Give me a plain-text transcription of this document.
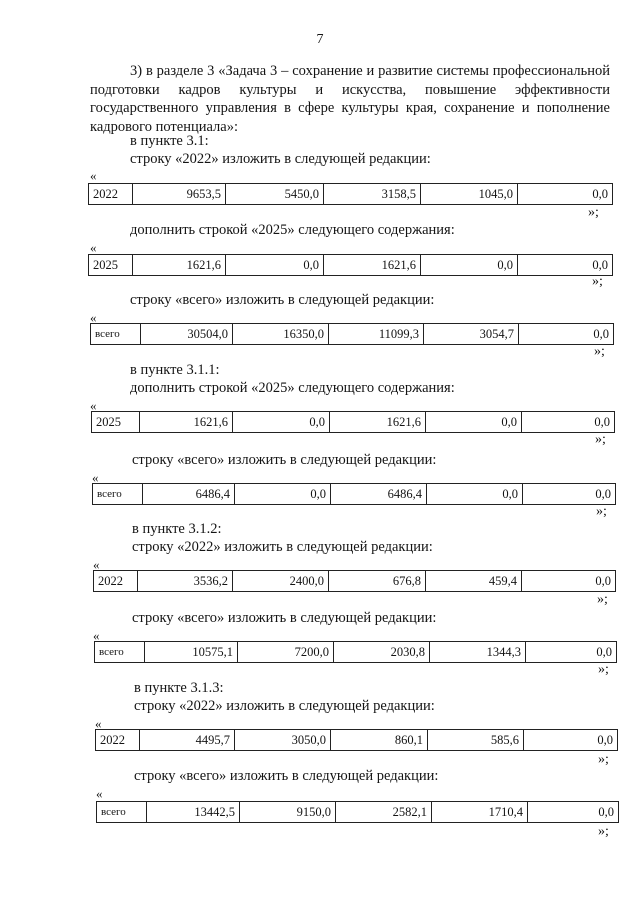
7

3) в разделе 3 «Задача 3 – сохранение и развитие системы профессиональной подготовки кадров культуры и искусства, повышение эффективности государственного управления в сфере культуры края, сохранение и пополнение кадрового потенциала»:

в пункте 3.1:
строку «2022» изложить в следующей редакции:
«
2022	9653,5	5450,0	3158,5	1045,0	0,0
»;
дополнить строкой «2025» следующего содержания:
«
2025	1621,6	0,0	1621,6	0,0	0,0
»;
строку «всего» изложить в следующей редакции:
«
всего	30504,0	16350,0	11099,3	3054,7	0,0
»;
в пункте 3.1.1:
дополнить строкой «2025» следующего содержания:
«
2025	1621,6	0,0	1621,6	0,0	0,0
»;
строку «всего» изложить в следующей редакции:
«
всего	6486,4	0,0	6486,4	0,0	0,0
»;
в пункте 3.1.2:
строку «2022» изложить в следующей редакции:
«
2022	3536,2	2400,0	676,8	459,4	0,0
»;
строку «всего» изложить в следующей редакции:
«
всего	10575,1	7200,0	2030,8	1344,3	0,0
»;
в пункте 3.1.3:
строку «2022» изложить в следующей редакции:
«
2022	4495,7	3050,0	860,1	585,6	0,0
»;
строку «всего» изложить в следующей редакции:
«
всего	13442,5	9150,0	2582,1	1710,4	0,0
»;
